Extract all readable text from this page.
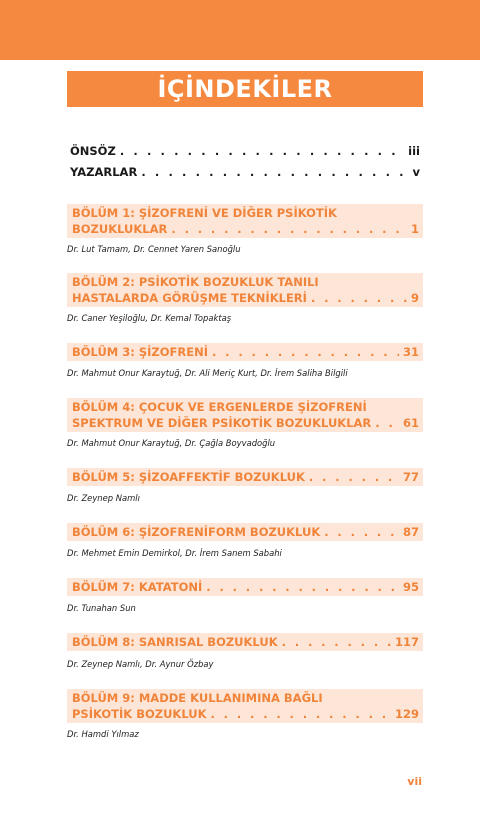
İÇİNDEKİLER
ÖNSÖZ . . .	iii
YAZARLAR . . .	v
BÖLÜM 1: ŞİZOFRENİ VE DİĞER PSİKOTİK
BOZUKLUKLAR . . .	1
Dr. Lut Tamam, Dr. Cennet Yaren Sanoğlu
BÖLÜM 2: PSİKOTİK BOZUKLUK TANILI
HASTALARDA GÖRÜŞME TEKNİKLERİ . . .	9
Dr. Caner Yeşiloğlu, Dr. Kemal Topaktaş
BÖLÜM 3: ŞİZOFRENİ . . .	31
Dr. Mahmut Onur Karaytuğ, Dr. Ali Meriç Kurt, Dr. İrem Saliha Bilgili
BÖLÜM 4: ÇOCUK VE ERGENLERDE ŞİZOFRENİ
SPEKTRUM VE DİĞER PSİKOTİK BOZUKLUKLAR . . .	61
Dr. Mahmut Onur Karaytuğ, Dr. Çağla Boyvadoğlu
BÖLÜM 5: ŞİZOAFFEKTİF BOZUKLUK . . .	77
Dr. Zeynep Namlı
BÖLÜM 6: ŞİZOFRENİFORM BOZUKLUK . . .	87
Dr. Mehmet Emin Demirkol, Dr. İrem Sanem Sabahi
BÖLÜM 7: KATATONİ . . .	95
Dr. Tunahan Sun
BÖLÜM 8: SANRISAL BOZUKLUK . . .	117
Dr. Zeynep Namlı, Dr. Aynur Özbay
BÖLÜM 9: MADDE KULLANIMINA BAĞLI
PSİKOTİK BOZUKLUK . . .	129
Dr. Hamdi Yılmaz
vii
